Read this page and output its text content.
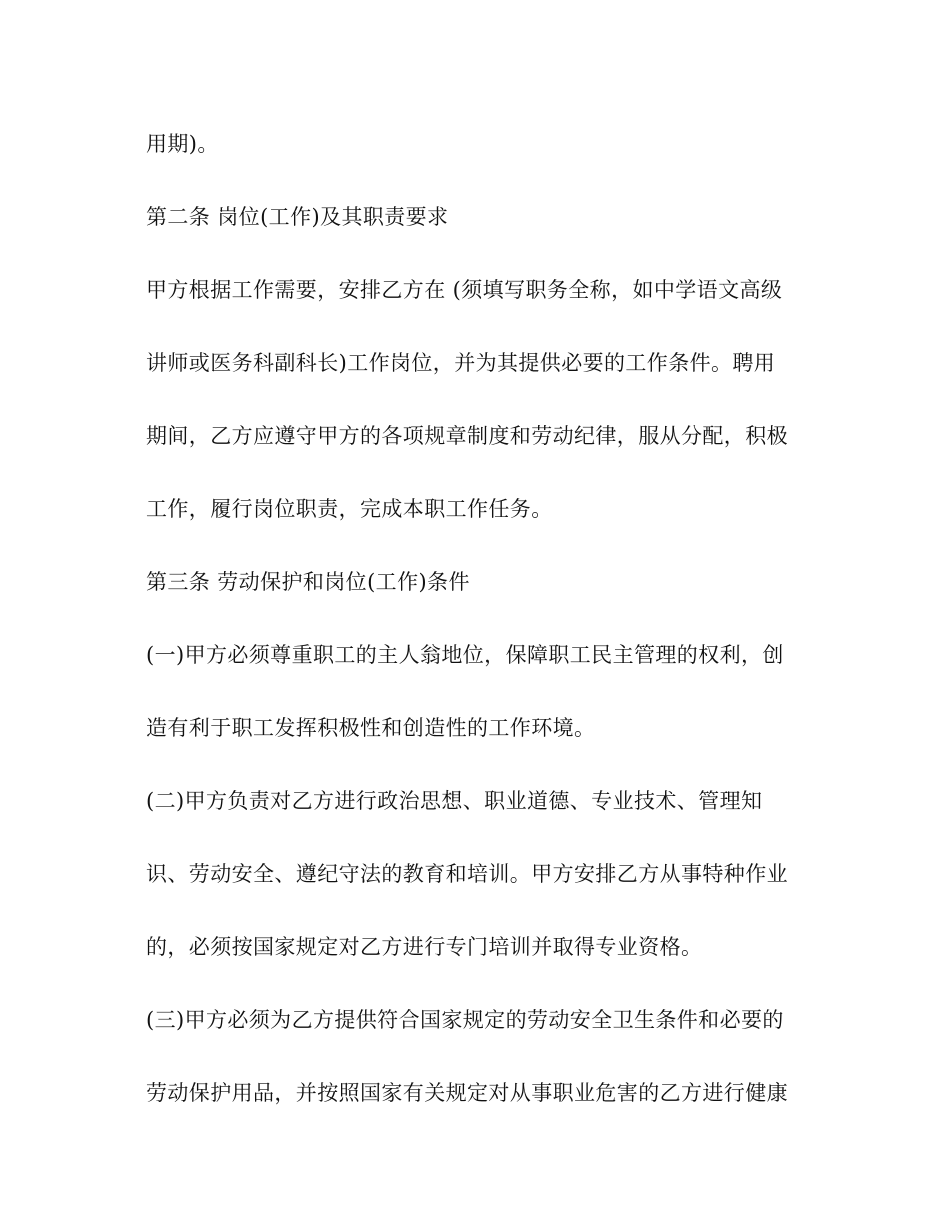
用期)。
第二条 岗位(工作)及其职责要求
甲方根据工作需要，安排乙方在 (须填写职务全称，如中学语文高级
讲师或医务科副科长)工作岗位，并为其提供必要的工作条件。聘用
期间，乙方应遵守甲方的各项规章制度和劳动纪律，服从分配，积极
工作，履行岗位职责，完成本职工作任务。
第三条 劳动保护和岗位(工作)条件
(一)甲方必须尊重职工的主人翁地位，保障职工民主管理的权利，创
造有利于职工发挥积极性和创造性的工作环境。
(二)甲方负责对乙方进行政治思想、职业道德、专业技术、管理知
识、劳动安全、遵纪守法的教育和培训。甲方安排乙方从事特种作业
的，必须按国家规定对乙方进行专门培训并取得专业资格。
(三)甲方必须为乙方提供符合国家规定的劳动安全卫生条件和必要的
劳动保护用品，并按照国家有关规定对从事职业危害的乙方进行健康
